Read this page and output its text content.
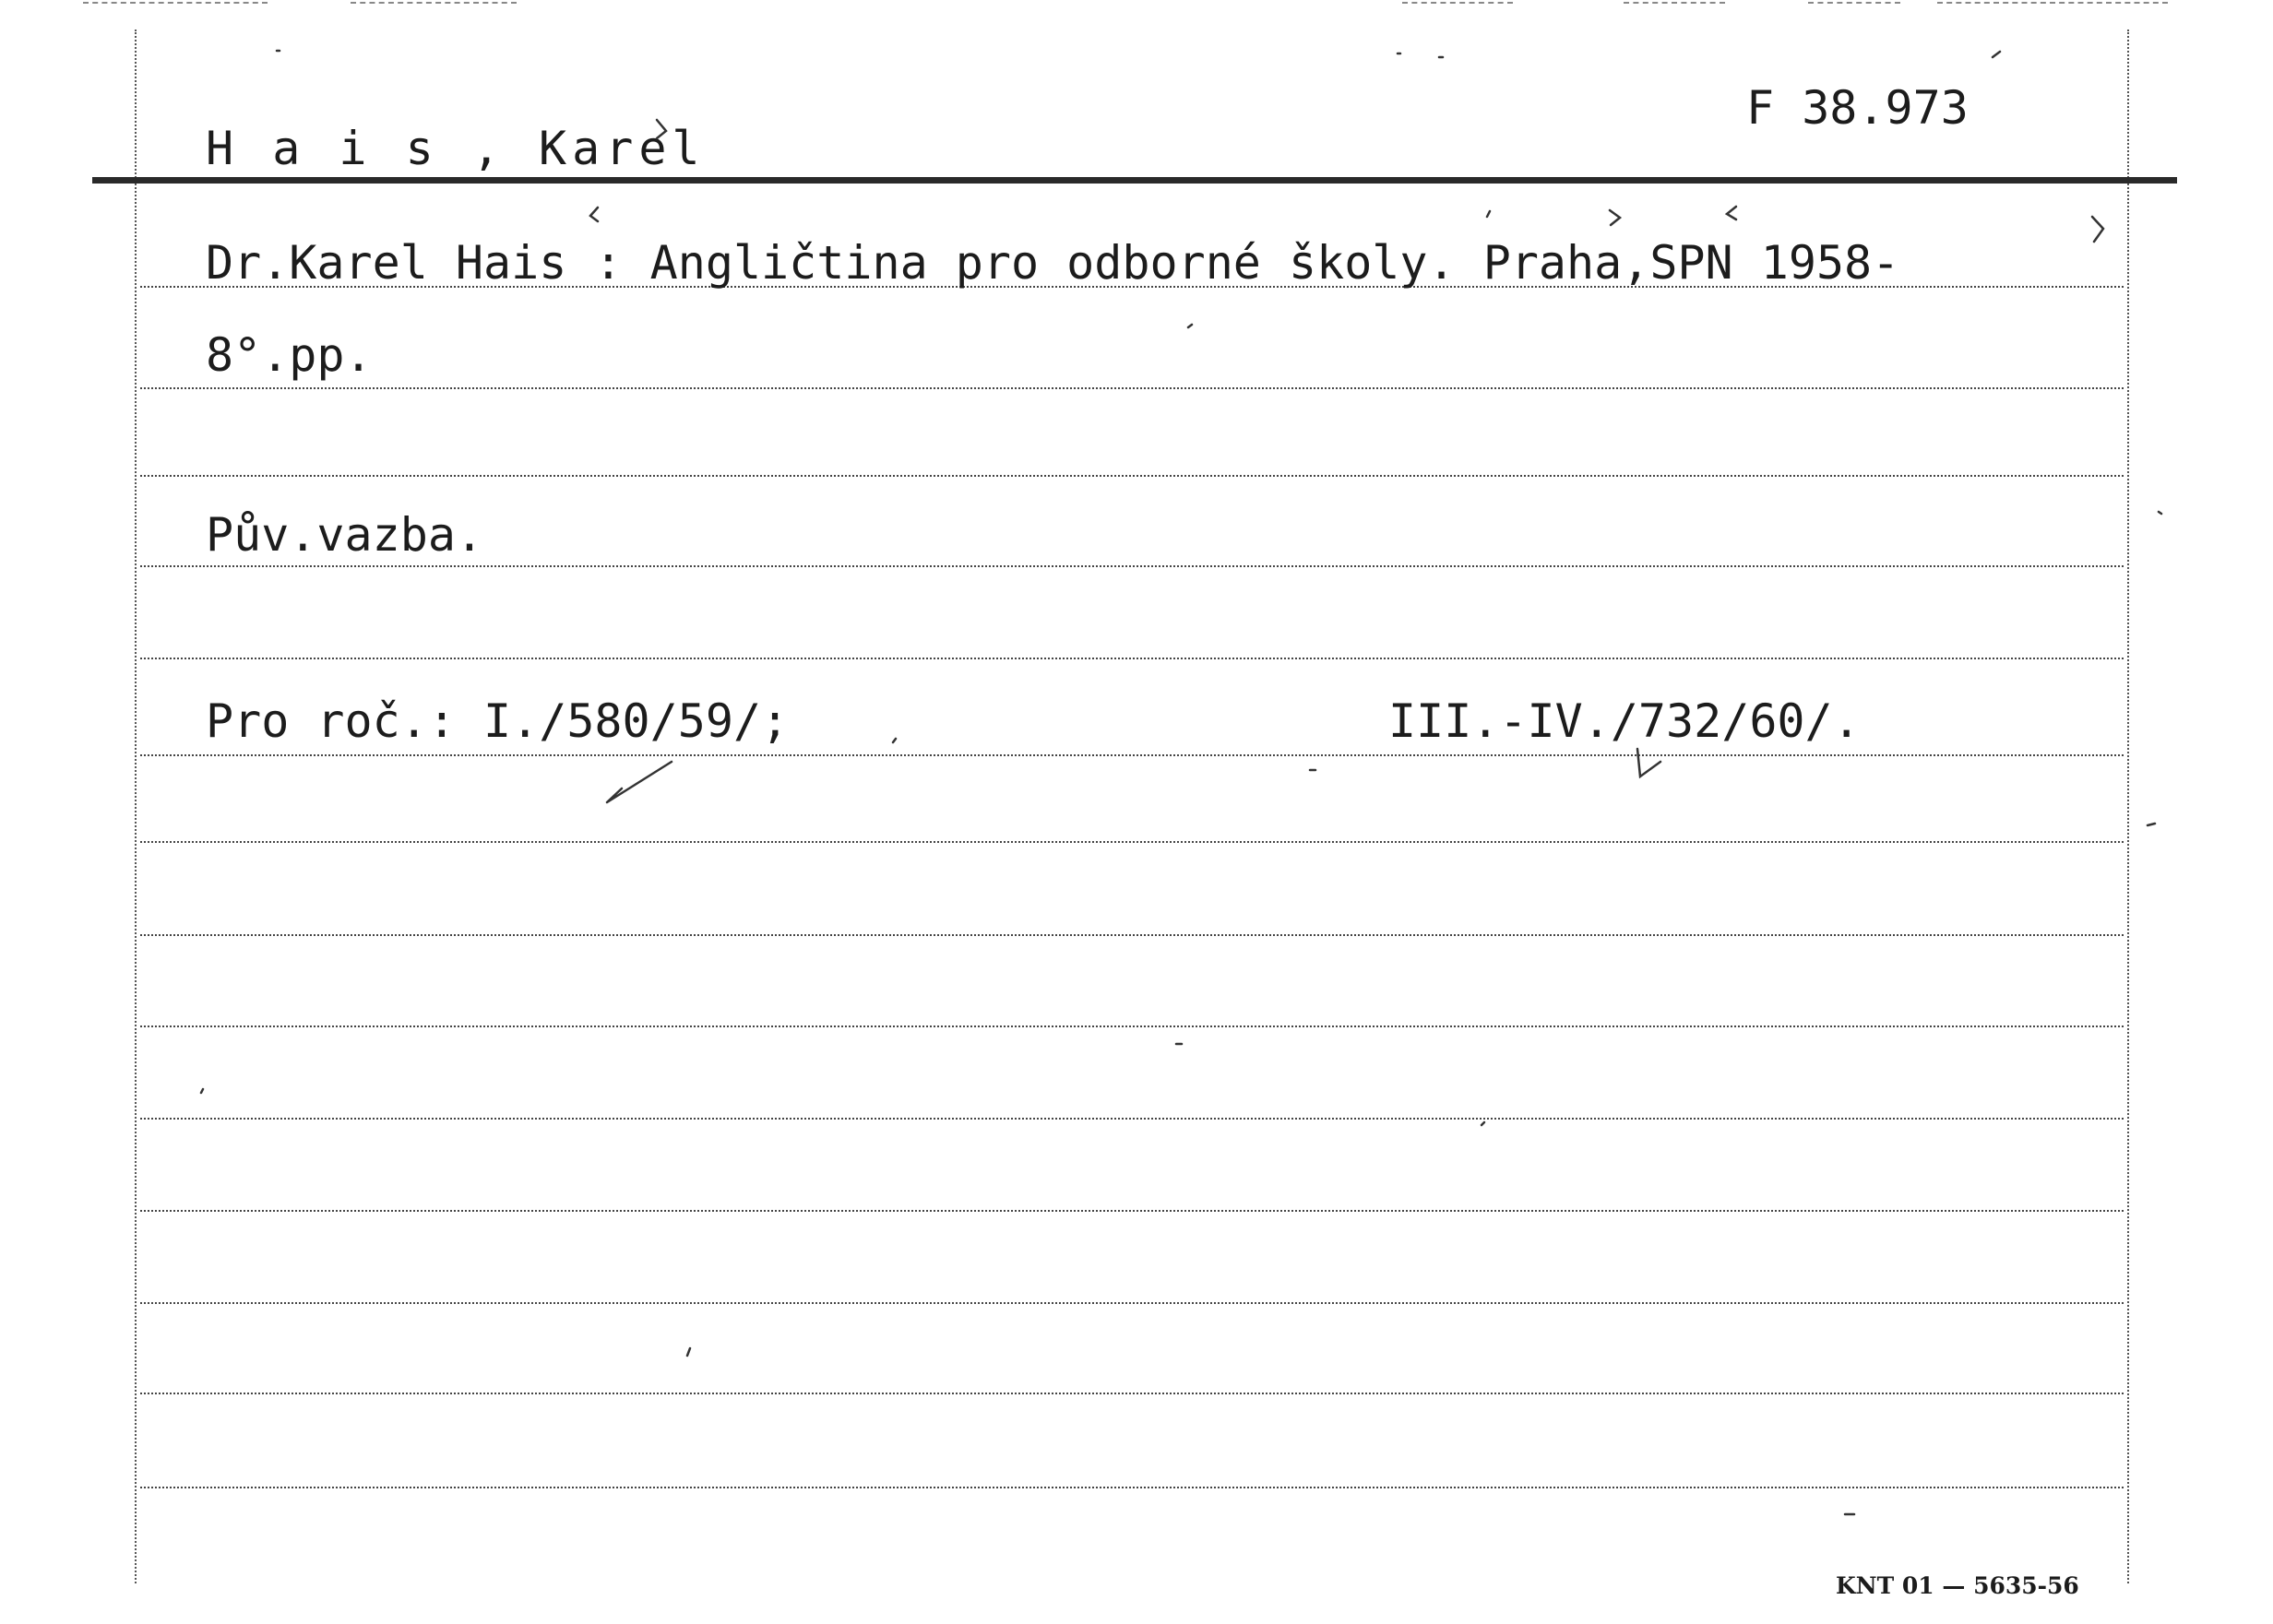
H a i s , Karel
F 38.973
Dr.Karel Hais : Angličtina pro odborné školy. Praha,SPN 1958-
8°.pp.
Pův.vazba.
Pro roč.: I./580/59/;	III.-IV./732/60/.
KNT 01 — 5635-56
